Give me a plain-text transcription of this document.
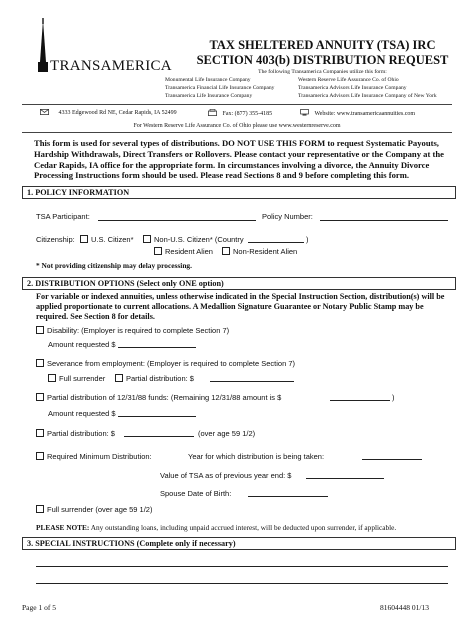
TRANSAMERICA
TAX SHELTERED ANNUITY (TSA) IRC
SECTION 403(b) DISTRIBUTION REQUEST
The following Transamerica Companies utilize this form:
Monumental Life Insurance Company	Western Reserve Life Assurance Co. of Ohio
Transamerica Financial Life Insurance Company	Transamerica Advisors Life Insurance Company
Transamerica Life Insurance Company	Transamerica Advisors Life Insurance Company of New York
4333 Edgewood Rd NE, Cedar Rapids, IA 52499	Fax: (877) 355-4185	Website: www.transamericaannuities.com
For Western Reserve Life Assurance Co. of Ohio please use www.westernreserve.com
This form is used for several types of distributions. DO NOT USE THIS FORM to request Systematic Payouts, Hardship Withdrawals, Direct Transfers or Rollovers. Please contact your representative or the Company at the Cedar Rapids, IA office for the appropriate form. In circumstances involving a divorce, the Annuity Divorce Processing Instructions form should be used. Please read Sections 8 and 9 before completing this form.
1. POLICY INFORMATION
TSA Participant:	Policy Number:
Citizenship:	U.S. Citizen*	Non-U.S. Citizen* (Country	)
Resident Alien	Non-Resident Alien
* Not providing citizenship may delay processing.
2. DISTRIBUTION OPTIONS (Select only ONE option)
For variable or indexed annuities, unless otherwise indicated in the Special Instruction Section, distribution(s) will be applied proportionate to current allocations. A Medallion Signature Guarantee or Notary Public Stamp may be required. See Section 8 for details.
Disability: (Employer is required to complete Section 7)
Amount requested $
Severance from employment: (Employer is required to complete Section 7)
Full surrender	Partial distribution: $
Partial distribution of 12/31/88 funds: (Remaining 12/31/88 amount is $	)
Amount requested $
Partial distribution: $	(over age 59 1/2)
Required Minimum Distribution:	Year for which distribution is being taken:
Value of TSA as of previous year end: $
Spouse Date of Birth:
Full surrender (over age 59 1/2)
PLEASE NOTE: Any outstanding loans, including unpaid accrued interest, will be deducted upon surrender, if applicable.
3. SPECIAL INSTRUCTIONS (Complete only if necessary)
Page 1 of 5	81604448 01/13
